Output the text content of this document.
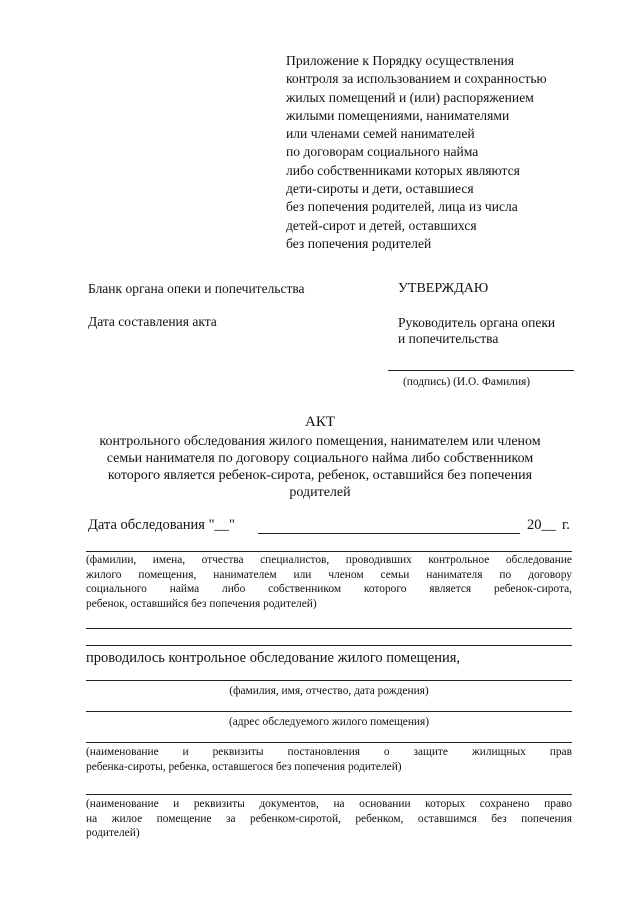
Приложение к Порядку осуществления
контроля за использованием и сохранностью
жилых помещений и (или) распоряжением
жилыми помещениями, нанимателями
или членами семей нанимателей
по договорам социального найма
либо собственниками которых являются
дети-сироты и дети, оставшиеся
без попечения родителей, лица из числа
детей-сирот и детей, оставшихся
без попечения родителей
Бланк органа опеки и попечительства	УТВЕРЖДАЮ
Дата составления акта	Руководитель органа опеки
и попечительства
(подпись) (И.О. Фамилия)
АКТ
контрольного обследования жилого помещения, нанимателем или членом
семьи нанимателя по договору социального найма либо собственником
которого является ребенок-сирота, ребенок, оставшийся без попечения
родителей
Дата обследования "__"	20__ г.
(фамилии, имена, отчества специалистов, проводивших контрольное обследование
жилого помещения, нанимателем или членом семьи нанимателя по договору
социального найма либо собственником которого является ребенок-сирота,
ребенок, оставшийся без попечения родителей)
проводилось контрольное обследование жилого помещения,
(фамилия, имя, отчество, дата рождения)
(адрес обследуемого жилого помещения)
(наименование и реквизиты постановления о защите жилищных прав
ребенка-сироты, ребенка, оставшегося без попечения родителей)
(наименование и реквизиты документов, на основании которых сохранено право
на жилое помещение за ребенком-сиротой, ребенком, оставшимся без попечения
родителей)
